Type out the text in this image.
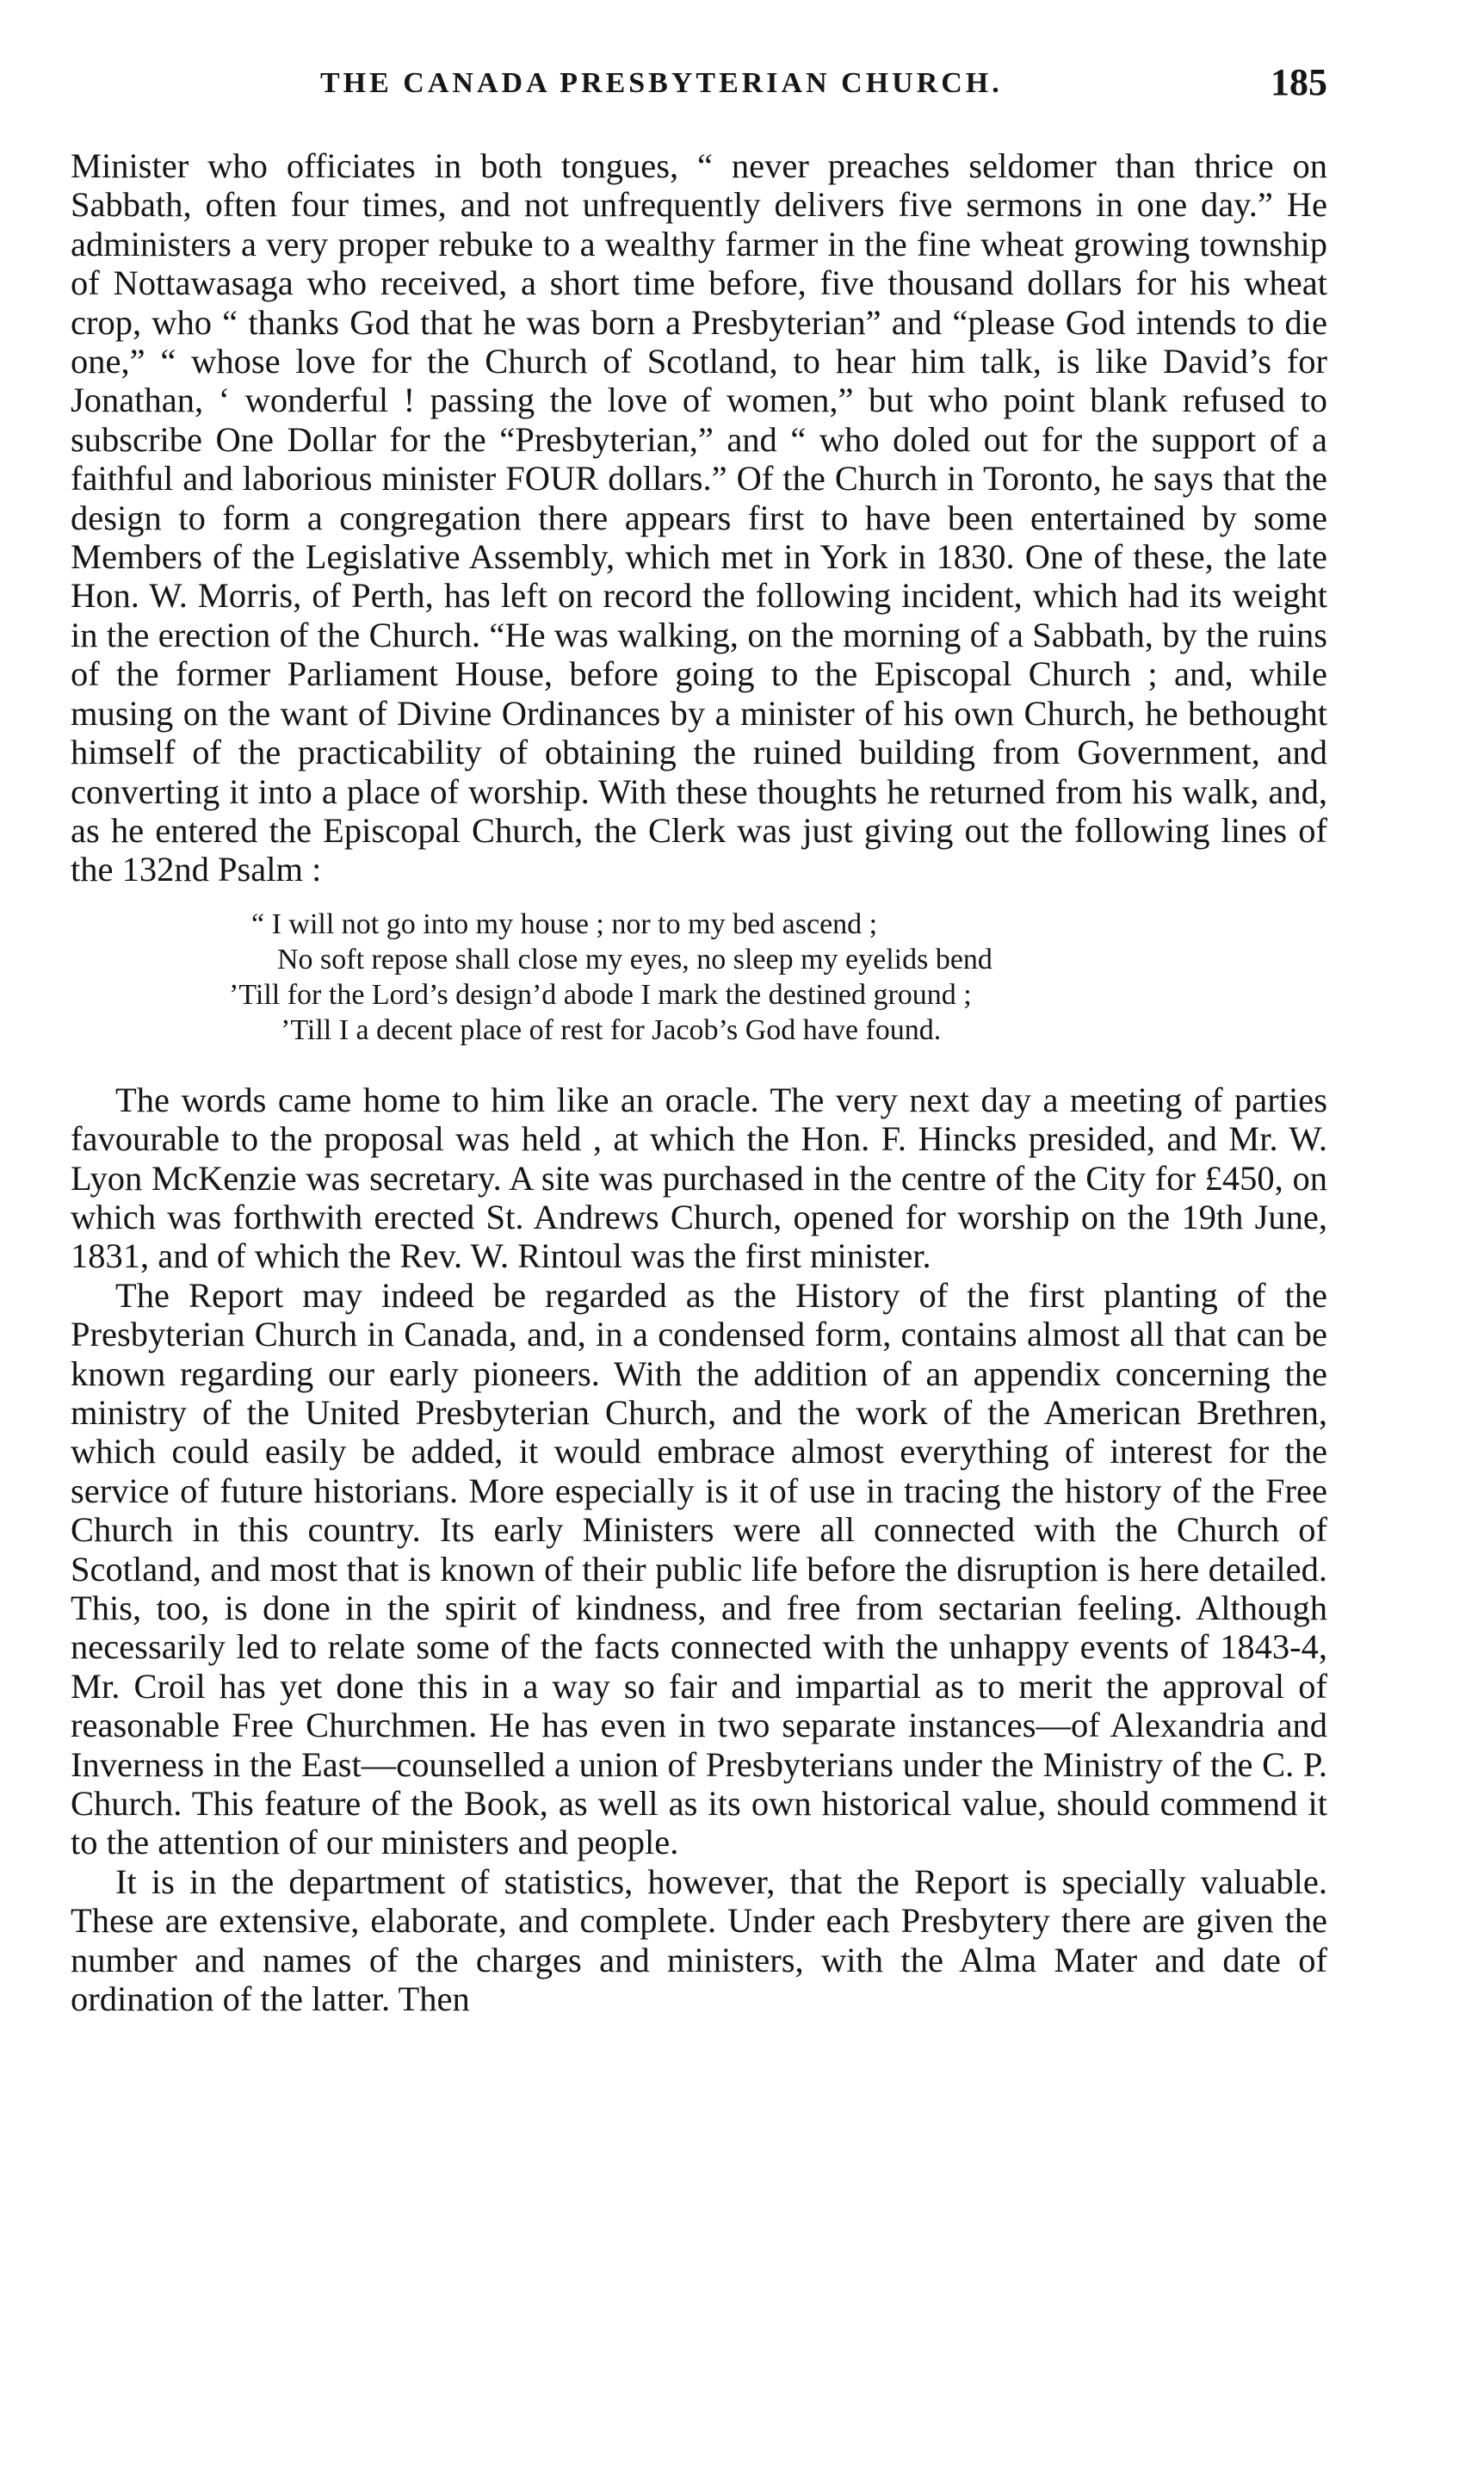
THE CANADA PRESBYTERIAN CHURCH.	185

Minister who officiates in both tongues, “ never preaches seldomer than thrice on Sabbath, often four times, and not unfrequently delivers five sermons in one day.” He administers a very proper rebuke to a wealthy farmer in the fine wheat growing township of Nottawasaga who received, a short time before, five thousand dollars for his wheat crop, who “ thanks God that he was born a Presbyterian” and “please God intends to die one,” “ whose love for the Church of Scotland, to hear him talk, is like David’s for Jonathan, ‘ wonderful ! passing the love of women,” but who point blank refused to subscribe One Dollar for the “Presbyterian,” and “ who doled out for the support of a faithful and laborious minister FOUR dollars.” Of the Church in Toronto, he says that the design to form a congregation there appears first to have been entertained by some Members of the Legislative Assembly, which met in York in 1830. One of these, the late Hon. W. Morris, of Perth, has left on record the following incident, which had its weight in the erection of the Church. “He was walking, on the morning of a Sabbath, by the ruins of the former Parliament House, before going to the Episcopal Church ; and, while musing on the want of Divine Ordinances by a minister of his own Church, he bethought himself of the practicability of obtaining the ruined building from Government, and converting it into a place of worship. With these thoughts he returned from his walk, and, as he entered the Episcopal Church, the Clerk was just giving out the following lines of the 132nd Psalm :

“ I will not go into my house ; nor to my bed ascend ;
No soft repose shall close my eyes, no sleep my eyelids bend
’Till for the Lord’s design’d abode I mark the destined ground ;
’Till I a decent place of rest for Jacob’s God have found.

The words came home to him like an oracle. The very next day a meeting of parties favourable to the proposal was held , at which the Hon. F. Hincks presided, and Mr. W. Lyon McKenzie was secretary. A site was purchased in the centre of the City for £450, on which was forthwith erected St. Andrews Church, opened for worship on the 19th June, 1831, and of which the Rev. W. Rintoul was the first minister.

The Report may indeed be regarded as the History of the first planting of the Presbyterian Church in Canada, and, in a condensed form, contains almost all that can be known regarding our early pioneers. With the addition of an appendix concerning the ministry of the United Presbyterian Church, and the work of the American Brethren, which could easily be added, it would embrace almost everything of interest for the service of future historians. More especially is it of use in tracing the history of the Free Church in this country. Its early Ministers were all connected with the Church of Scotland, and most that is known of their public life before the disruption is here detailed. This, too, is done in the spirit of kindness, and free from sectarian feeling. Although necessarily led to relate some of the facts connected with the unhappy events of 1843-4, Mr. Croil has yet done this in a way so fair and impartial as to merit the approval of reasonable Free Churchmen. He has even in two separate instances—of Alexandria and Inverness in the East—counselled a union of Presbyterians under the Ministry of the C. P. Church. This feature of the Book, as well as its own historical value, should commend it to the attention of our ministers and people.

It is in the department of statistics, however, that the Report is specially valuable. These are extensive, elaborate, and complete. Under each Presbytery there are given the number and names of the charges and ministers, with the Alma Mater and date of ordination of the latter. Then
